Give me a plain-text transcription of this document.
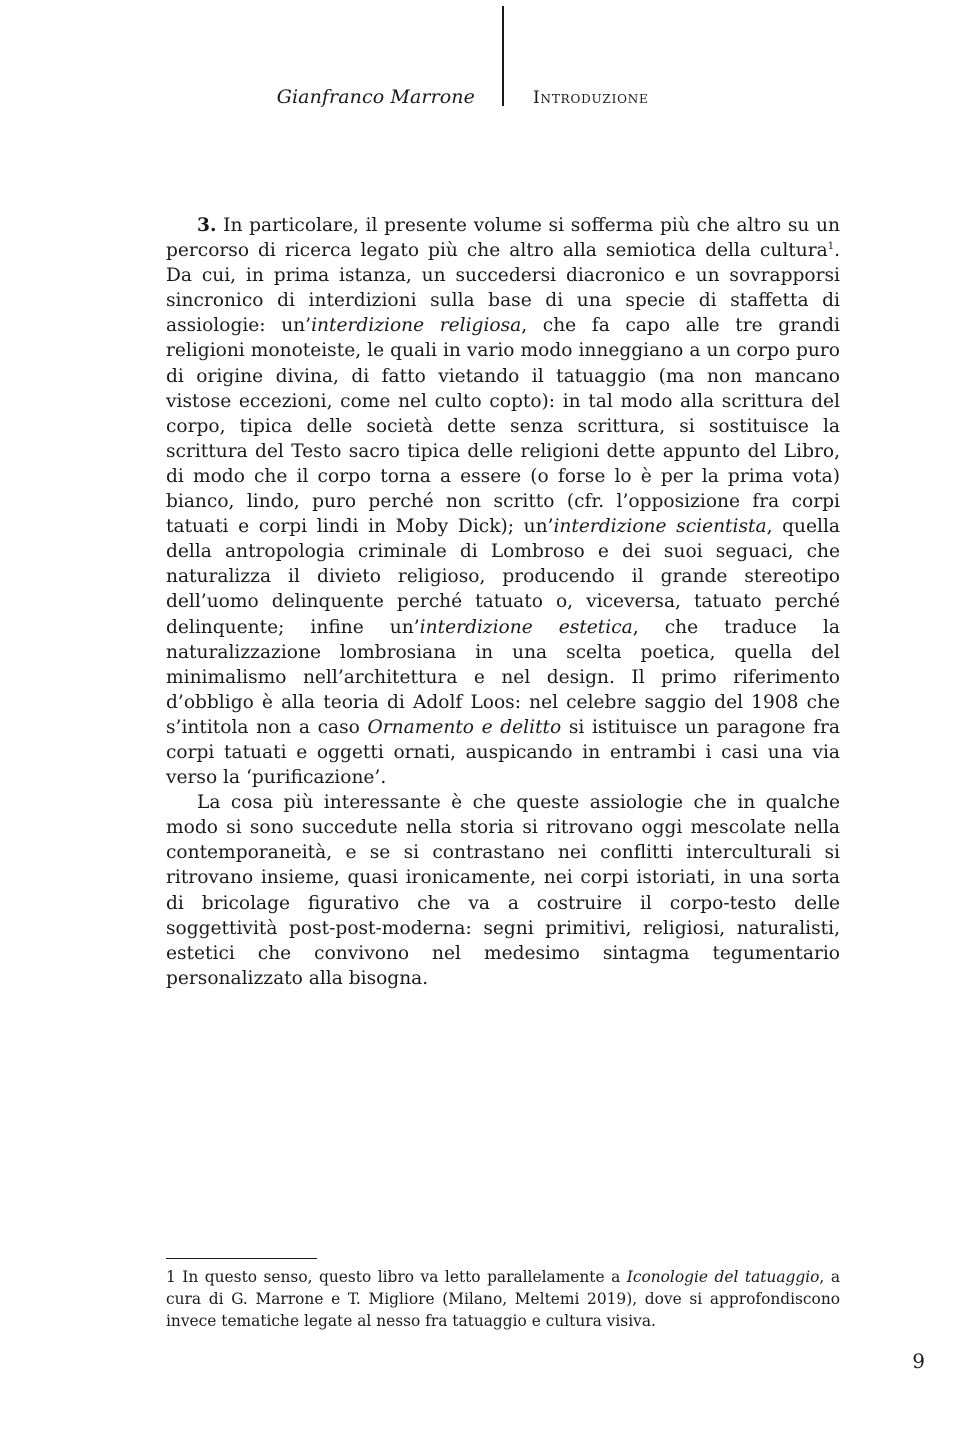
Gianfranco Marrone	Introduzione

3. In particolare, il presente volume si sofferma più che altro su un percorso di ricerca legato più che altro alla semiotica della cultura$^1$. Da cui, in prima istanza, un succedersi diacronico e un sovrapporsi sincronico di interdizioni sulla base di una specie di staffetta di assiologie: un’interdizione religiosa, che fa capo alle tre grandi religioni monoteiste, le quali in vario modo inneggiano a un corpo puro di origine divina, di fatto vietando il tatuaggio (ma non mancano vistose eccezioni, come nel culto copto): in tal modo alla scrittura del corpo, tipica delle società dette senza scrittura, si sostituisce la scrittura del Testo sacro tipica delle religioni dette appunto del Libro, di modo che il corpo torna a essere (o forse lo è per la prima vota) bianco, lindo, puro perché non scritto (cfr. l’opposizione fra corpi tatuati e corpi lindi in Moby Dick); un’interdizione scientista, quella della antropologia criminale di Lombroso e dei suoi seguaci, che naturalizza il divieto religioso, producendo il grande stereotipo dell’uomo delinquente perché tatuato o, viceversa, tatuato perché delinquente; infine un’interdizione estetica, che traduce la naturalizzazione lombrosiana in una scelta poetica, quella del minimalismo nell’architettura e nel design. Il primo riferimento d’obbligo è alla teoria di Adolf Loos: nel celebre saggio del 1908 che s’intitola non a caso Ornamento e delitto si istituisce un paragone fra corpi tatuati e oggetti ornati, auspicando in entrambi i casi una via verso la ‘purificazione’.

La cosa più interessante è che queste assiologie che in qualche modo si sono succedute nella storia si ritrovano oggi mescolate nella contemporaneità, e se si contrastano nei conflitti interculturali si ritrovano insieme, quasi ironicamente, nei corpi istoriati, in una sorta di bricolage figurativo che va a costruire il corpo-testo delle soggettività post-post-moderna: segni primitivi, religiosi, naturalisti, estetici che convivono nel medesimo sintagma tegumentario personalizzato alla bisogna.

1 In questo senso, questo libro va letto parallelamente a Iconologie del tatuaggio, a cura di G. Marrone e T. Migliore (Milano, Meltemi 2019), dove si approfondiscono invece tematiche legate al nesso fra tatuaggio e cultura visiva.
9
